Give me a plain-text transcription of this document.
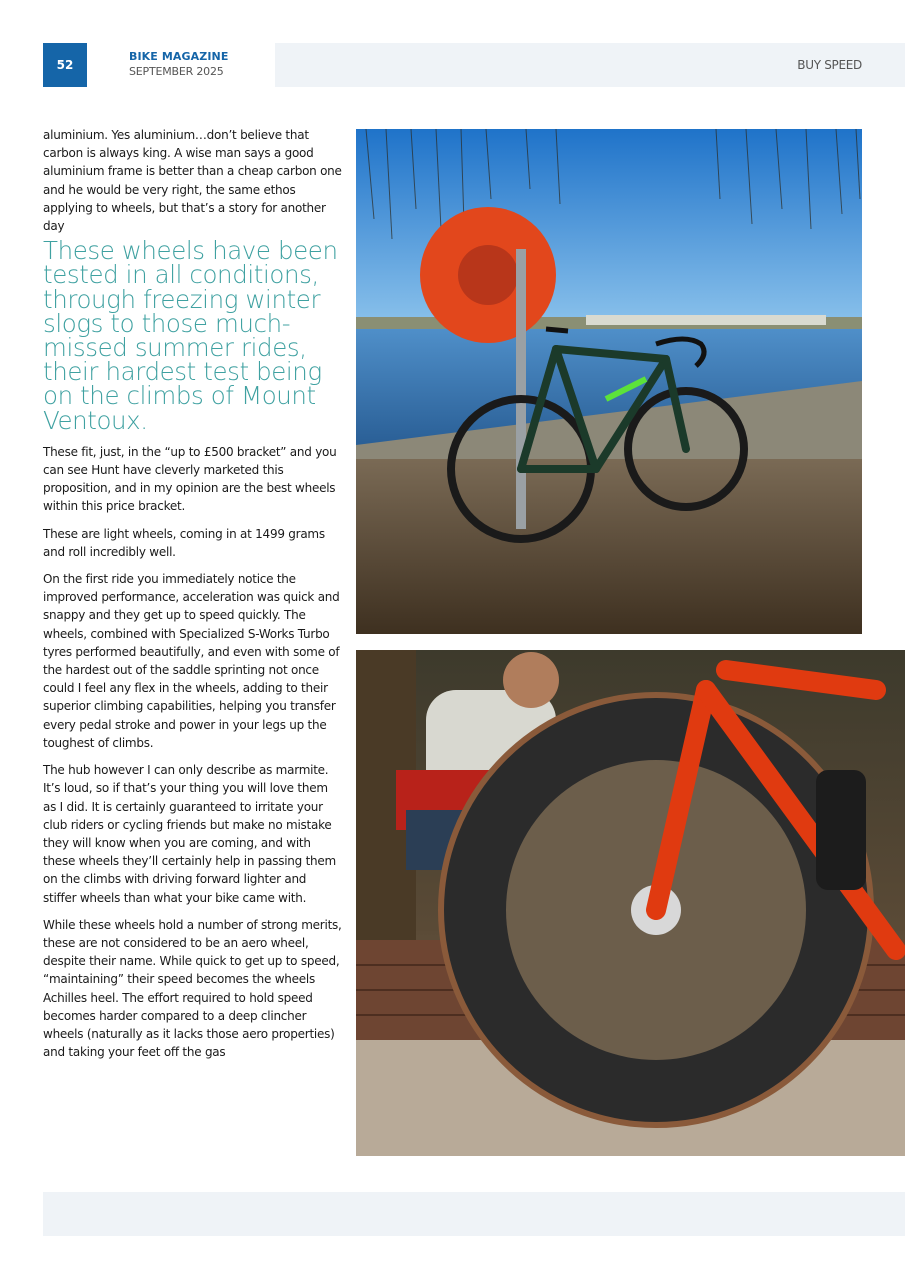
52
BIKE MAGAZINE
SEPTEMBER 2025	BUY SPEED

aluminium. Yes aluminium…don’t believe that carbon is always king. A wise man says a good aluminium frame is better than a cheap carbon one and he would be very right, the same ethos applying to wheels, but that’s a story for another day

These wheels have been tested in all conditions, through freezing winter slogs to those much-missed summer rides, their hardest test being on the climbs of Mount Ventoux.

These fit, just, in the “up to £500 bracket” and you can see Hunt have cleverly marketed this proposition, and in my opinion are the best wheels within this price bracket.

These are light wheels, coming in at 1499 grams and roll incredibly well.

On the first ride you immediately notice the improved performance, acceleration was quick and snappy and they get up to speed quickly. The wheels, combined with Specialized S-Works Turbo tyres performed beautifully, and even with some of the hardest out of the saddle sprinting not once could I feel any flex in the wheels, adding to their superior climbing capabilities, helping you transfer every pedal stroke and power in your legs up the toughest of climbs.

The hub however I can only describe as marmite. It’s loud, so if that’s your thing you will love them as I did. It is certainly guaranteed to irritate your club riders or cycling friends but make no mistake they will know when you are coming, and with these wheels they’ll certainly help in passing them on the climbs with driving forward lighter and stiffer wheels than what your bike came with.

While these wheels hold a number of strong merits, these are not considered to be an aero wheel, despite their name. While quick to get up to speed, “maintaining” their speed becomes the wheels Achilles heel. The effort required to hold speed becomes harder compared to a deep clincher wheels (naturally as it lacks those aero properties) and taking your feet off the gas
